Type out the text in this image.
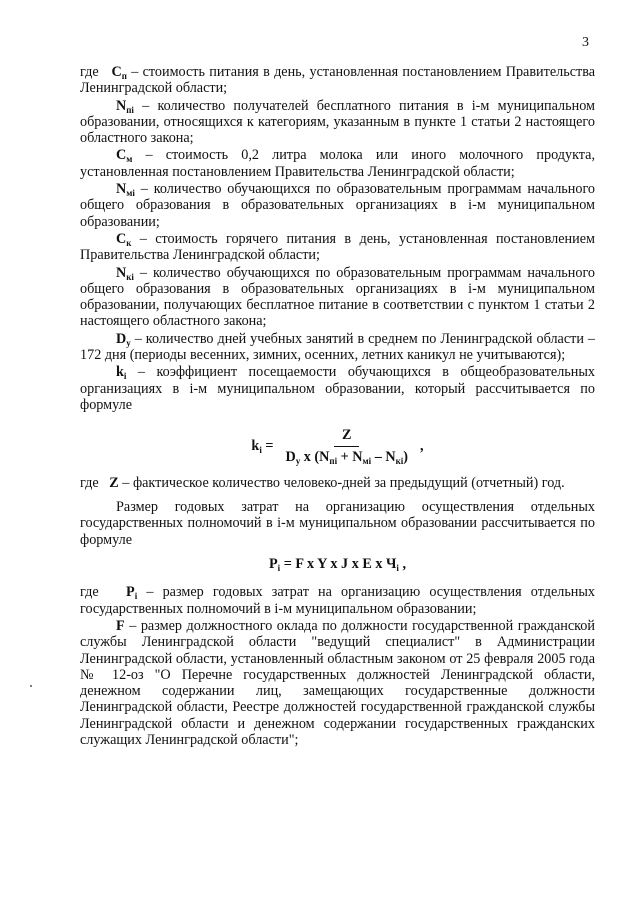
3

где $C_п$ – стоимость питания в день, установленная постановлением Правительства Ленинградской области;

$N_{пi}$ – количество получателей бесплатного питания в i-м муниципальном образовании, относящихся к категориям, указанным в пункте 1 статьи 2 настоящего областного закона;

$C_м$ – стоимость 0,2 литра молока или иного молочного продукта, установленная постановлением Правительства Ленинградской области;

$N_{мi}$ – количество обучающихся по образовательным программам начального общего образования в образовательных организациях в i-м муниципальном образовании;

$C_к$ – стоимость горячего питания в день, установленная постановлением Правительства Ленинградской области;

$N_{кi}$ – количество обучающихся по образовательным программам начального общего образования в образовательных организациях в i-м муниципальном образовании, получающих бесплатное питание в соответствии с пунктом 1 статьи 2 настоящего областного закона;

$D_у$ – количество дней учебных занятий в среднем по Ленинградской области – 172 дня (периоды весенних, зимних, осенних, летних каникул не учитываются);

$k_i$ – коэффициент посещаемости обучающихся в общеобразовательных организациях в i-м муниципальном образовании, который рассчитывается по формуле

$k_i = \frac{Z}{D_у x (N_{пi} + N_{мi} - N_{кi})}$ ,

где Z – фактическое количество человеко-дней за предыдущий (отчетный) год.

Размер годовых затрат на организацию осуществления отдельных государственных полномочий в i-м муниципальном образовании рассчитывается по формуле

$P_i = F$ x Y x J x E x $Ч_i$ ,

где $P_i$ – размер годовых затрат на организацию осуществления отдельных государственных полномочий в i-м муниципальном образовании;

F – размер должностного оклада по должности государственной гражданской службы Ленинградской области "ведущий специалист" в Администрации Ленинградской области, установленный областным законом от 25 февраля 2005 года № 12-оз "О Перечне государственных должностей Ленинградской области, денежном содержании лиц, замещающих государственные должности Ленинградской области, Реестре должностей государственной гражданской службы Ленинградской области и денежном содержании государственных гражданских служащих Ленинградской области";
